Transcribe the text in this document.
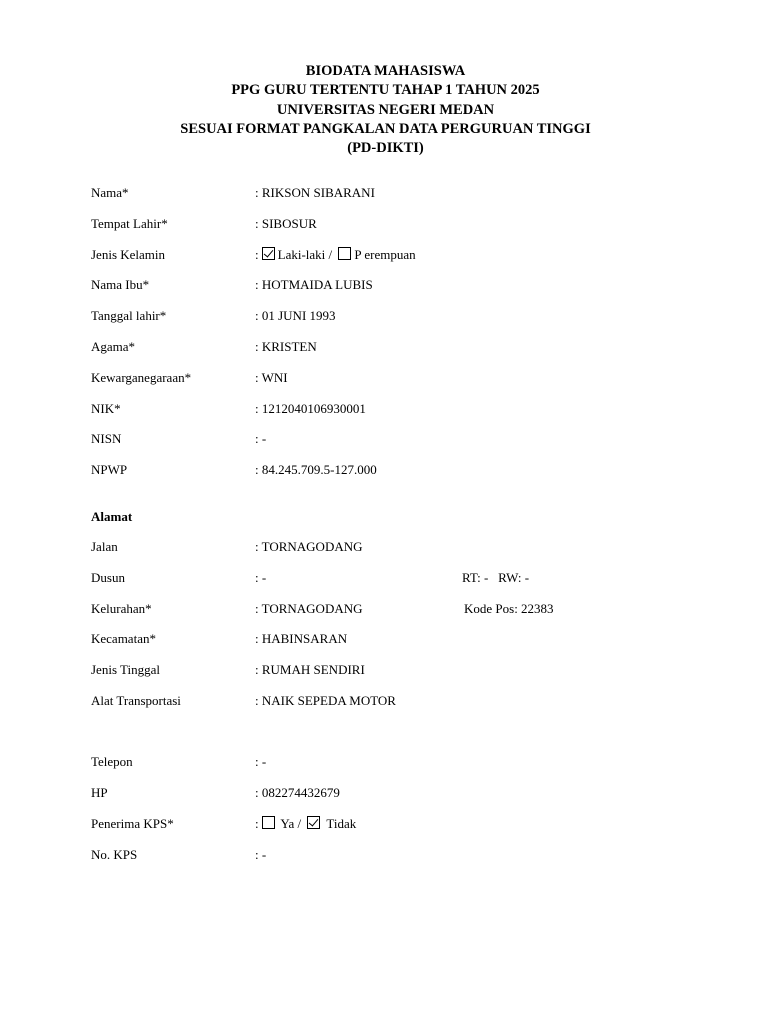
BIODATA MAHASISWA
PPG GURU TERTENTU TAHAP 1 TAHUN 2025
UNIVERSITAS NEGERI MEDAN
SESUAI FORMAT PANGKALAN DATA PERGURUAN TINGGI
(PD-DIKTI)
Nama*	: RIKSON SIBARANI
Tempat Lahir*	: SIBOSUR
Jenis Kelamin	: Laki-laki / P erempuan
Nama Ibu*	: HOTMAIDA LUBIS
Tanggal lahir*	: 01 JUNI 1993
Agama*	: KRISTEN
Kewarganegaraan*	: WNI
NIK*	: 1212040106930001
NISN	: -
NPWP	: 84.245.709.5-127.000
Alamat
Jalan	: TORNAGODANG
Dusun	: -	RT: -   RW: -
Kelurahan*	: TORNAGODANG	Kode Pos: 22383
Kecamatan*	: HABINSARAN
Jenis Tinggal	: RUMAH SENDIRI
Alat Transportasi	: NAIK SEPEDA MOTOR
Telepon	: -
HP	: 082274432679
Penerima KPS*	: Ya / Tidak
No. KPS	: -
